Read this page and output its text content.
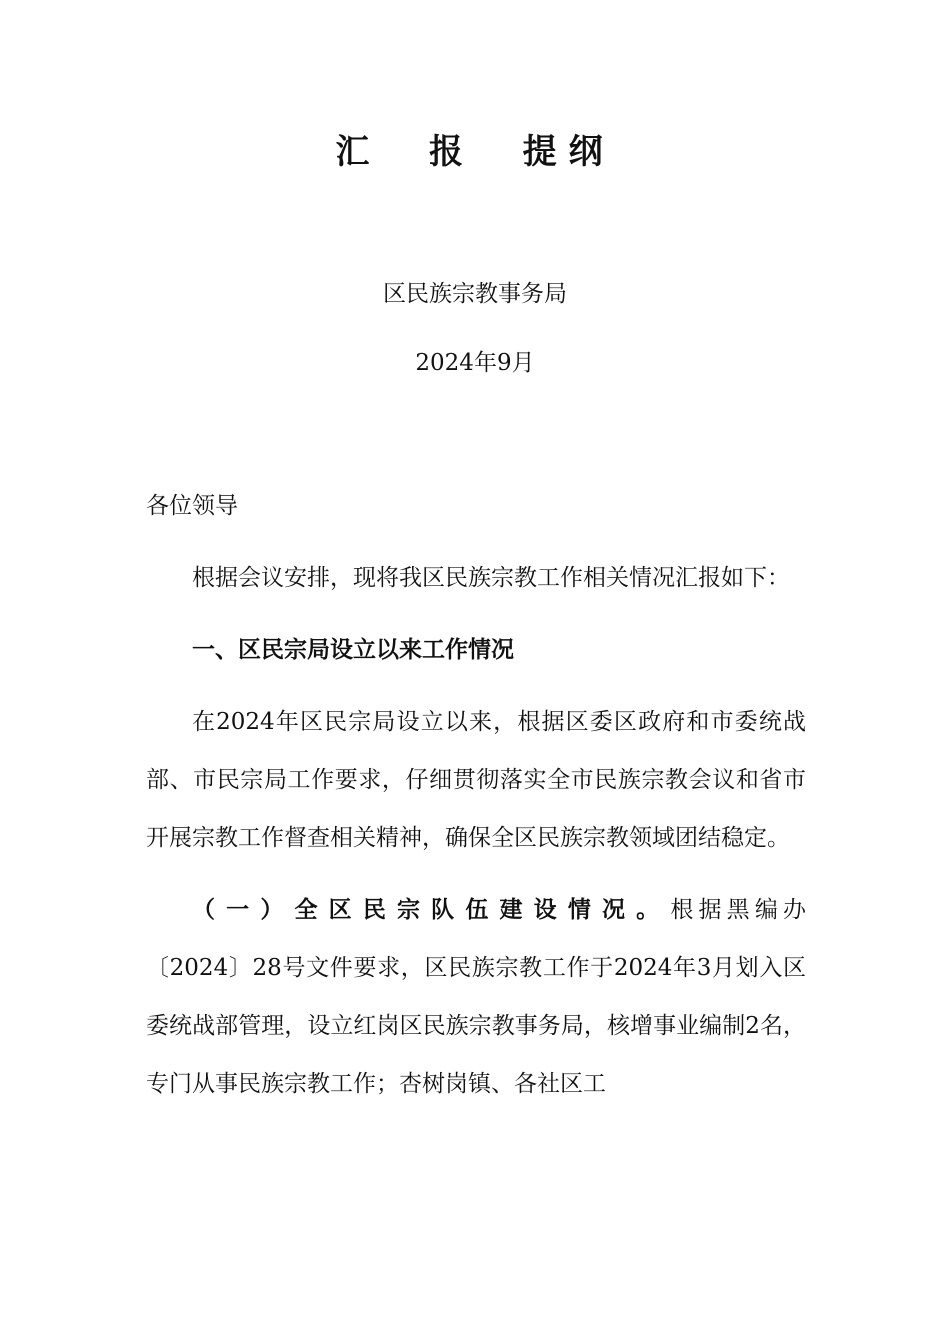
汇  报  提纲
区民族宗教事务局
2024年9月

各位领导

根据会议安排，现将我区民族宗教工作相关情况汇报如下：

一、区民宗局设立以来工作情况

在2024年区民宗局设立以来，根据区委区政府和市委统战部、市民宗局工作要求，仔细贯彻落实全市民族宗教会议和省市开展宗教工作督查相关精神，确保全区民族宗教领域团结稳定。

（一）全区民宗队伍建设情况。根据黑编办〔2024〕28号文件要求，区民族宗教工作于2024年3月划入区委统战部管理，设立红岗区民族宗教事务局，核增事业编制2名，专门从事民族宗教工作；杏树岗镇、各社区工
